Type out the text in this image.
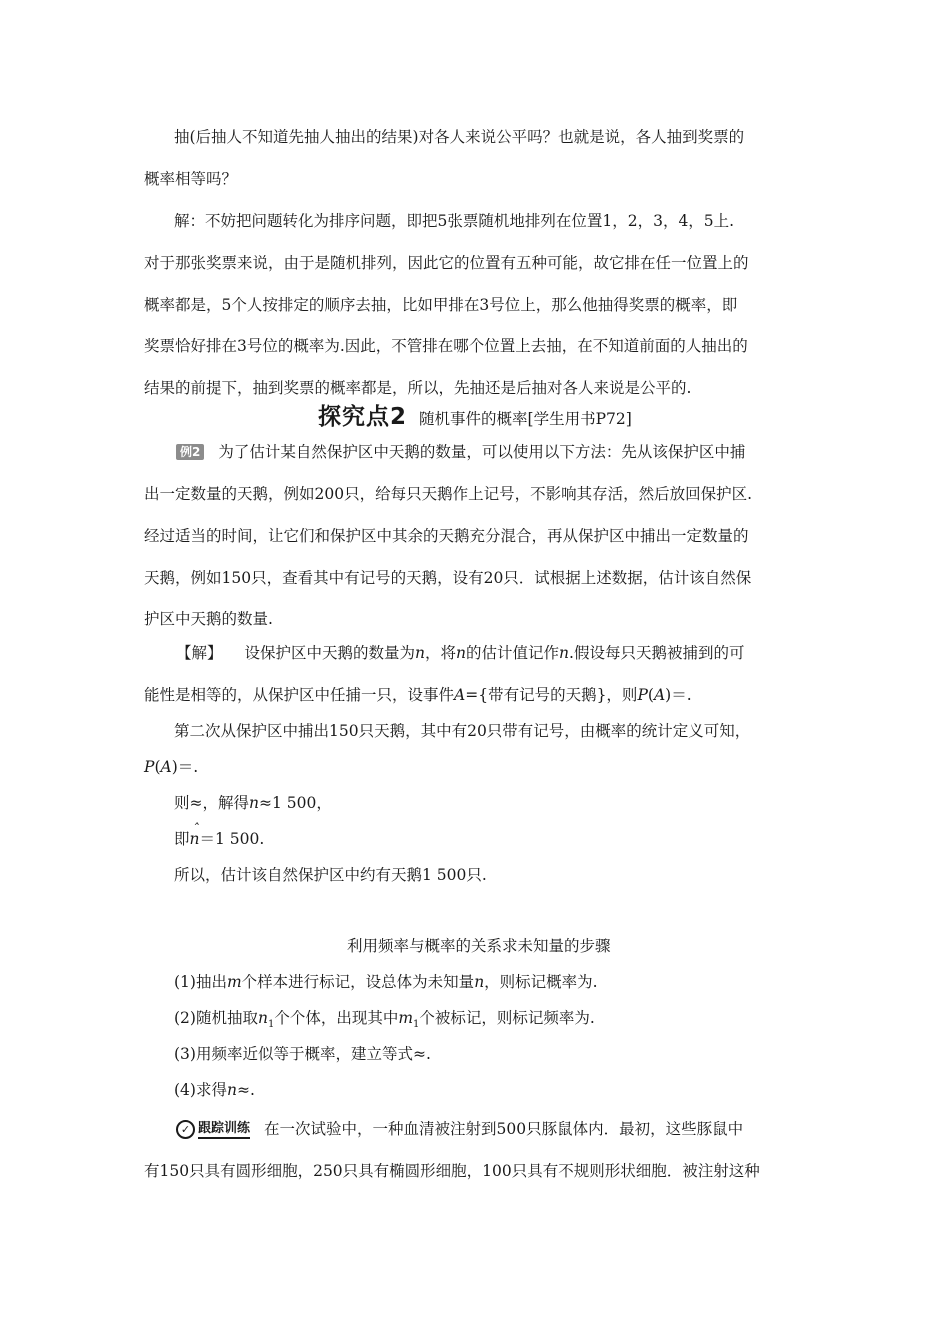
抽(后抽人不知道先抽人抽出的结果)对各人来说公平吗？也就是说，各人抽到奖票的
概率相等吗？
解：不妨把问题转化为排序问题，即把5张票随机地排列在位置1，2，3，4，5上.
对于那张奖票来说，由于是随机排列，因此它的位置有五种可能，故它排在任一位置上的
概率都是，5个人按排定的顺序去抽，比如甲排在3号位上，那么他抽得奖票的概率，即
奖票恰好排在3号位的概率为.因此，不管排在哪个位置上去抽，在不知道前面的人抽出的
结果的前提下，抽到奖票的概率都是，所以，先抽还是后抽对各人来说是公平的.
探究点2 随机事件的概率[学生用书P72]
例2 为了估计某自然保护区中天鹅的数量，可以使用以下方法：先从该保护区中捕
出一定数量的天鹅，例如200只，给每只天鹅作上记号，不影响其存活，然后放回保护区.
经过适当的时间，让它们和保护区中其余的天鹅充分混合，再从保护区中捕出一定数量的
天鹅，例如150只，查看其中有记号的天鹅，设有20只．试根据上述数据，估计该自然保
护区中天鹅的数量.
【解】 设保护区中天鹅的数量为n，将n的估计值记作n.假设每只天鹅被捕到的可
能性是相等的，从保护区中任捕一只，设事件A={带有记号的天鹅}，则P(A)＝.
第二次从保护区中捕出150只天鹅，其中有20只带有记号，由概率的统计定义可知，
P(A)＝.
则≈，解得n≈1 500，
即n ˆ＝1 500.
所以，估计该自然保护区中约有天鹅1 500只.
利用频率与概率的关系求未知量的步骤
(1)抽出m个样本进行标记，设总体为未知量n，则标记概率为.
(2)随机抽取$n_1$个个体，出现其中$m_1$个被标记，则标记频率为.
(3)用频率近似等于概率，建立等式≈.
(4)求得n≈.
✓ 跟踪训练 在一次试验中，一种血清被注射到500只豚鼠体内．最初，这些豚鼠中
有150只具有圆形细胞，250只具有椭圆形细胞，100只具有不规则形状细胞．被注射这种
